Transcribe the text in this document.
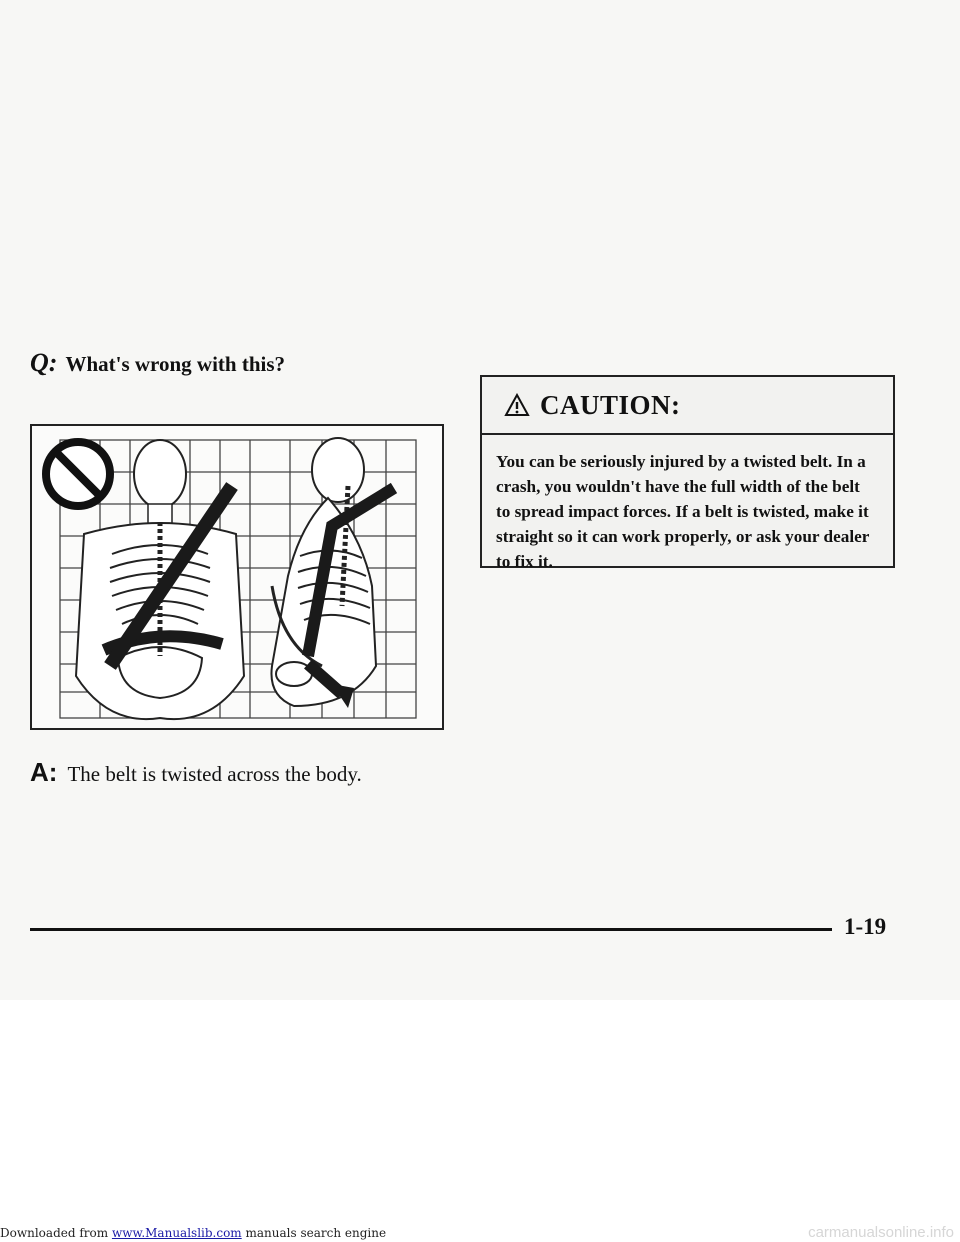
Q: What's wrong with this?
A: The belt is twisted across the body.
CAUTION:
You can be seriously injured by a twisted belt. In a crash, you wouldn't have the full width of the belt to spread impact forces. If a belt is twisted, make it straight so it can work properly, or ask your dealer to fix it.
1-19
Downloaded from www.Manualslib.com manuals search engine	carmanualsonline.info
